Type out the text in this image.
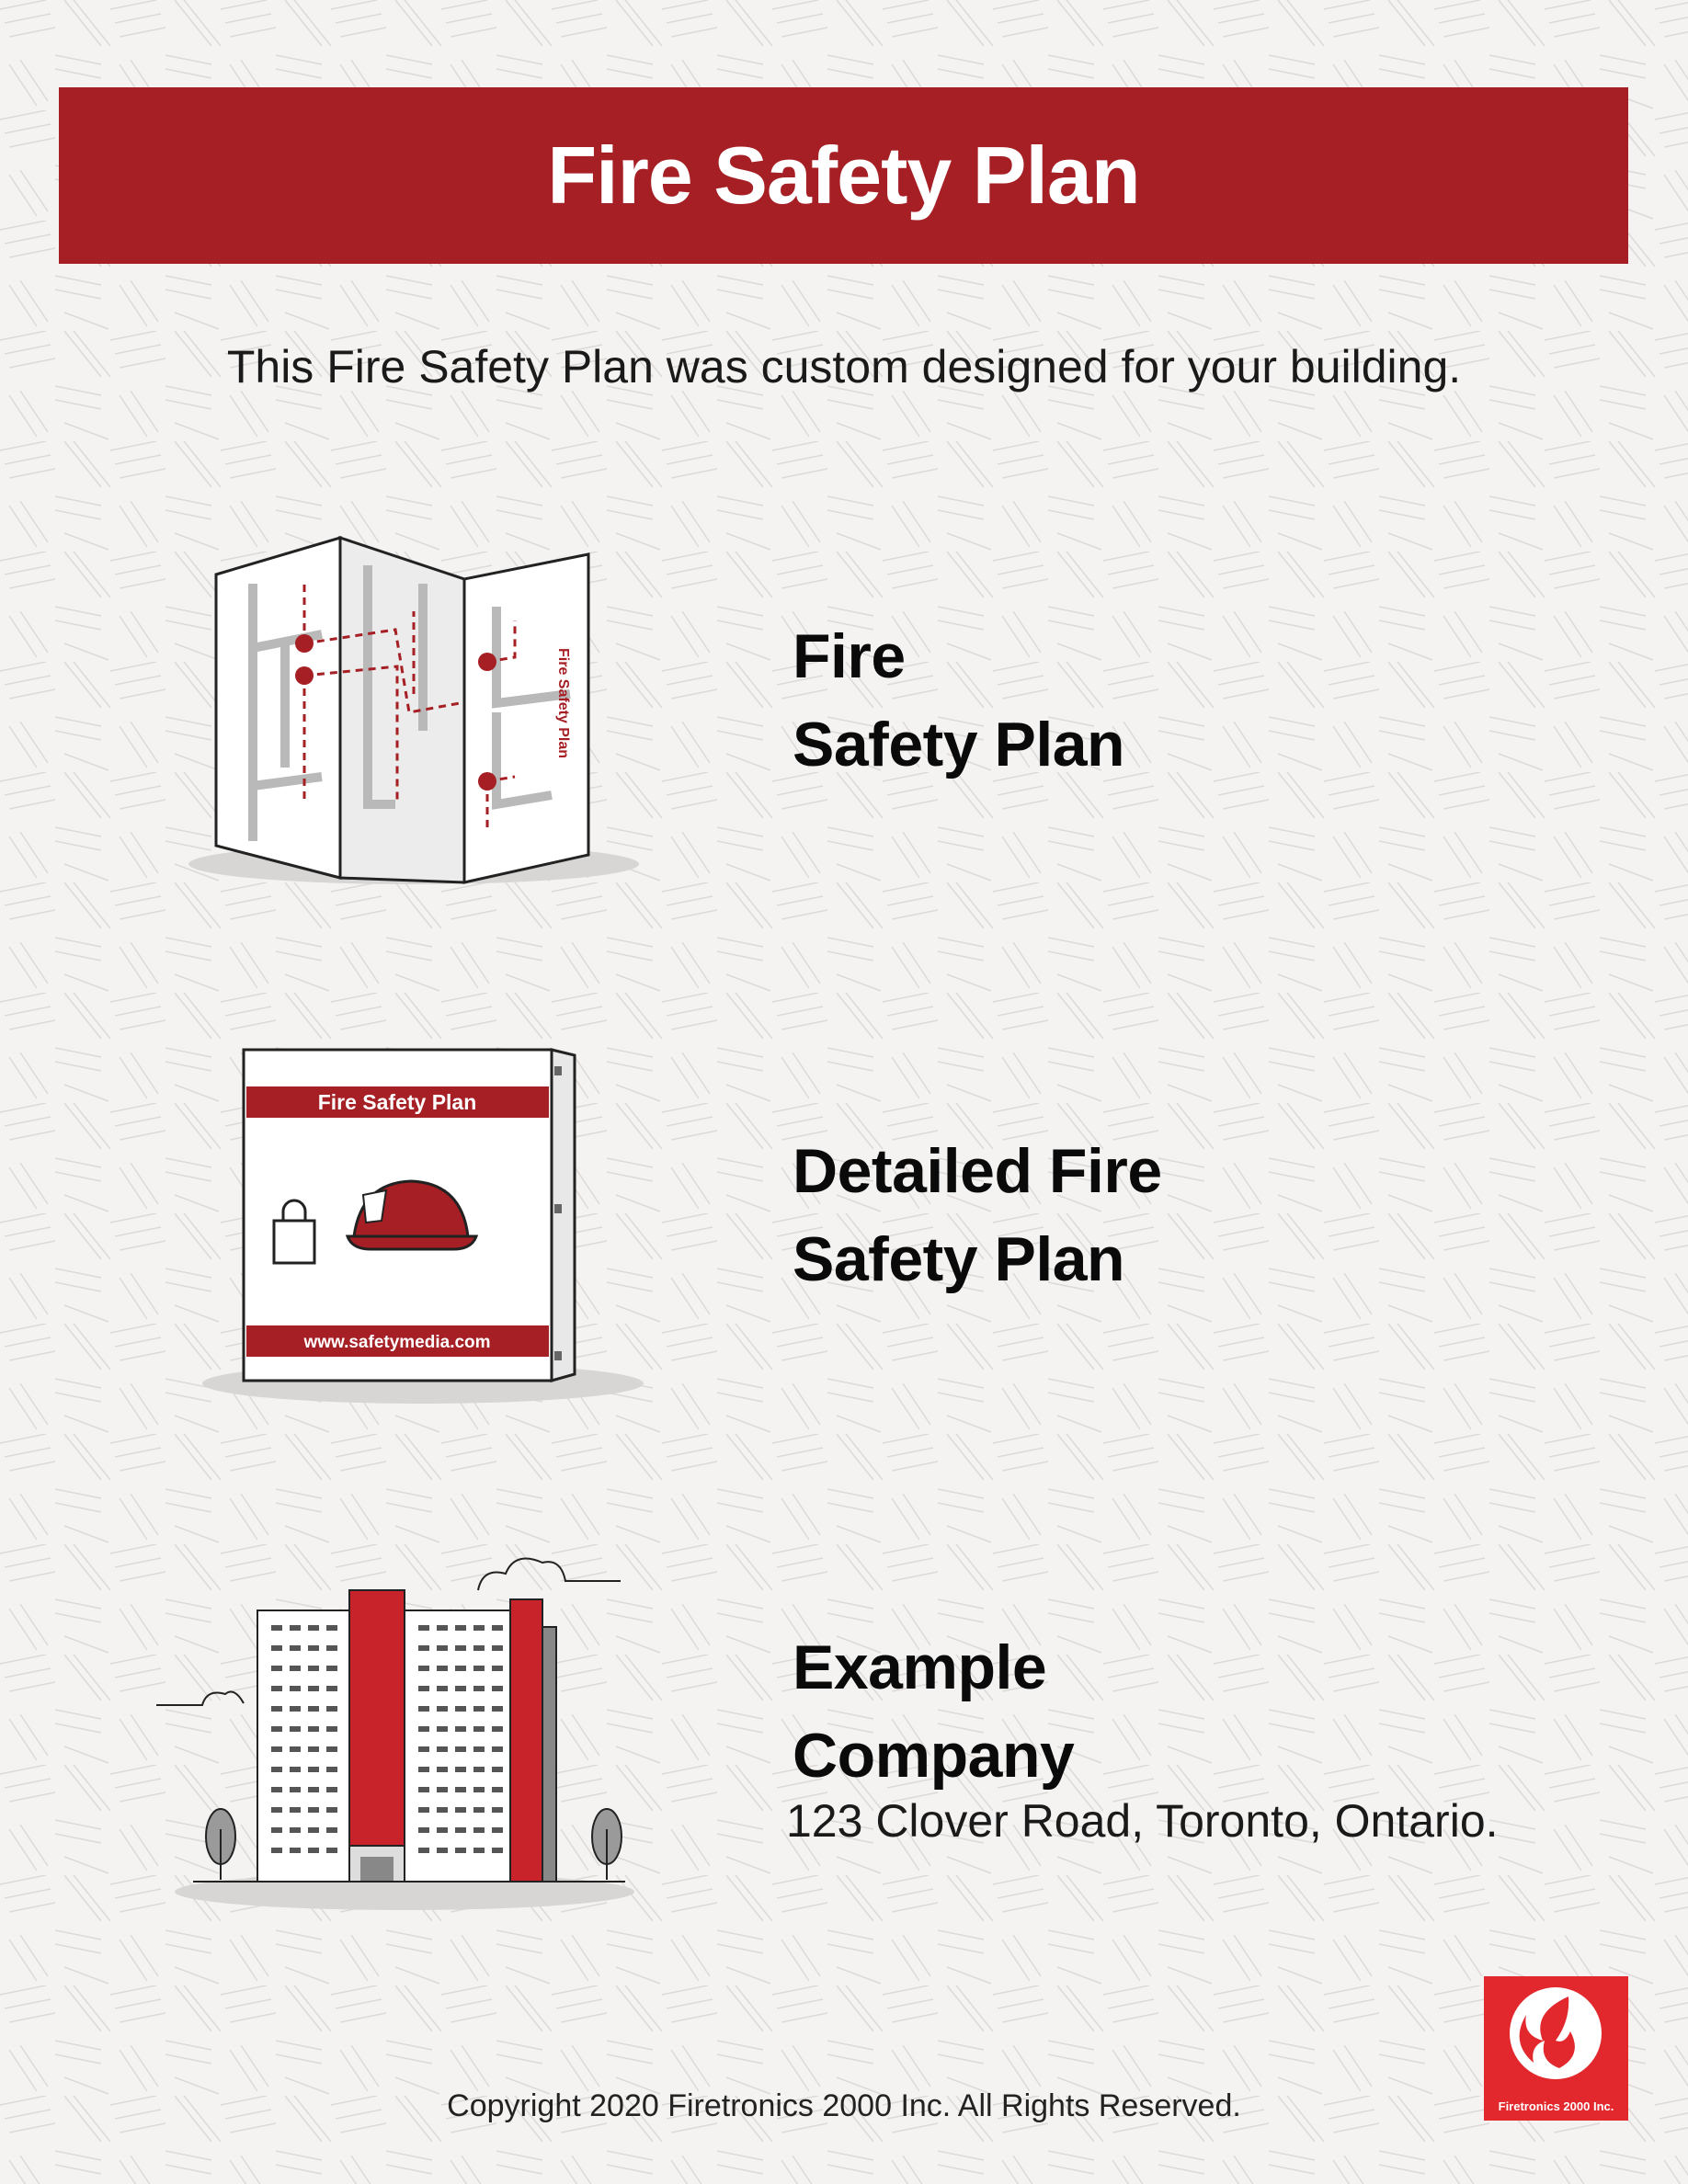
Fire Safety Plan
This Fire Safety Plan was custom designed for your building.
Fire Safety Plan	Fire
Safety Plan
Fire Safety Plan
www.safetymedia.com
Detailed Fire
Safety Plan
Example
Company
123 Clover Road, Toronto, Ontario.
Firetronics 2000 Inc.
Copyright 2020 Firetronics 2000 Inc. All Rights Reserved.
